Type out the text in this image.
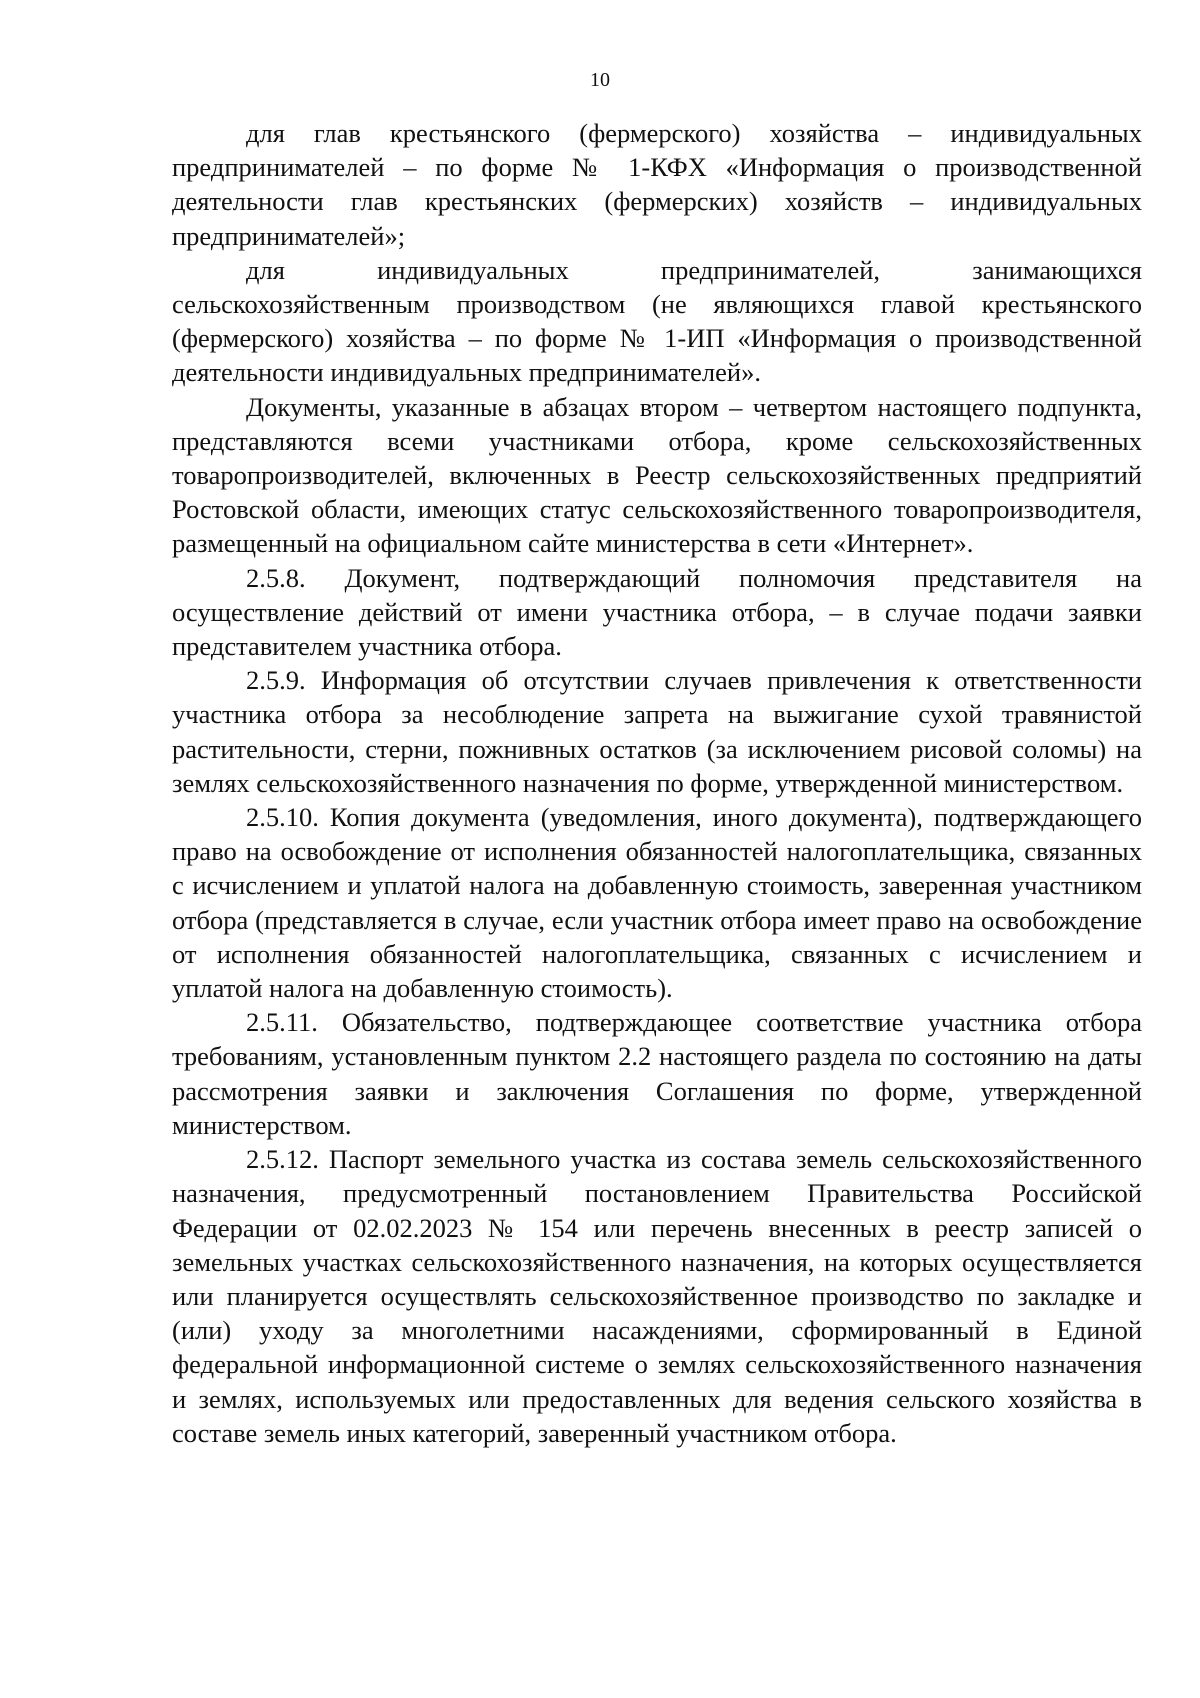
10

для глав крестьянского (фермерского) хозяйства – индивидуальных предпринимателей – по форме № 1-КФХ «Информация о производственной деятельности глав крестьянских (фермерских) хозяйств – индивидуальных предпринимателей»;

для индивидуальных предпринимателей, занимающихся сельскохозяйственным производством (не являющихся главой крестьянского (фермерского) хозяйства – по форме № 1-ИП «Информация о производственной деятельности индивидуальных предпринимателей».

Документы, указанные в абзацах втором – четвертом настоящего подпункта, представляются всеми участниками отбора, кроме сельскохозяйственных товаропроизводителей, включенных в Реестр сельскохозяйственных предприятий Ростовской области, имеющих статус сельскохозяйственного товаропроизводителя, размещенный на официальном сайте министерства в сети «Интернет».

2.5.8. Документ, подтверждающий полномочия представителя на осуществление действий от имени участника отбора, – в случае подачи заявки представителем участника отбора.

2.5.9. Информация об отсутствии случаев привлечения к ответственности участника отбора за несоблюдение запрета на выжигание сухой травянистой растительности, стерни, пожнивных остатков (за исключением рисовой соломы) на землях сельскохозяйственного назначения по форме, утвержденной министерством.

2.5.10. Копия документа (уведомления, иного документа), подтверждающего право на освобождение от исполнения обязанностей налогоплательщика, связанных с исчислением и уплатой налога на добавленную стоимость, заверенная участником отбора (представляется в случае, если участник отбора имеет право на освобождение от исполнения обязанностей налогоплательщика, связанных с исчислением и уплатой налога на добавленную стоимость).

2.5.11. Обязательство, подтверждающее соответствие участника отбора требованиям, установленным пунктом 2.2 настоящего раздела по состоянию на даты рассмотрения заявки и заключения Соглашения по форме, утвержденной министерством.

2.5.12. Паспорт земельного участка из состава земель сельскохозяйственного назначения, предусмотренный постановлением Правительства Российской Федерации от 02.02.2023 № 154 или перечень внесенных в реестр записей о земельных участках сельскохозяйственного назначения, на которых осуществляется или планируется осуществлять сельскохозяйственное производство по закладке и (или) уходу за многолетними насаждениями, сформированный в Единой федеральной информационной системе о землях сельскохозяйственного назначения и землях, используемых или предоставленных для ведения сельского хозяйства в составе земель иных категорий, заверенный участником отбора.
